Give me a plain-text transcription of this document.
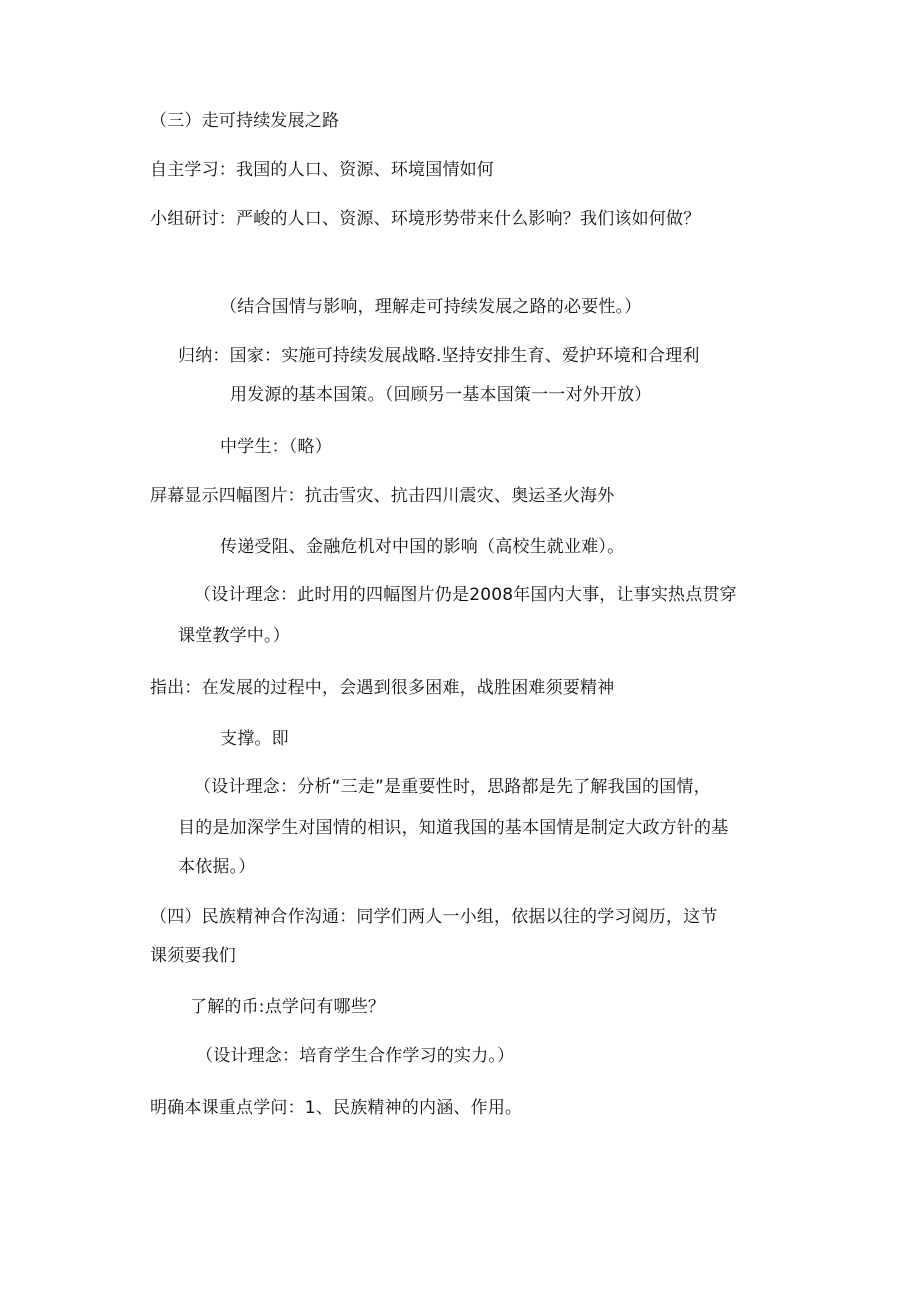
（三）走可持续发展之路
自主学习：我国的人口、资源、环境国情如何
小组研讨：严峻的人口、资源、环境形势带来什么影响？我们该如何做？
（结合国情与影响，理解走可持续发展之路的必要性。）
归纳：国家：实施可持续发展战略.坚持安排生育、爱护环境和合理利
用发源的基本国策。（回顾另一基本国策一一对外开放）
中学生：（略）
屏幕显示四幅图片：抗击雪灾、抗击四川震灾、奥运圣火海外
传递受阻、金融危机对中国的影响（高校生就业难）。
（设计理念：此时用的四幅图片仍是2008年国内大事，让事实热点贯穿
课堂教学中。）
指出：在发展的过程中，会遇到很多困难，战胜困难须要精神
支撑。即
（设计理念：分析“三走”是重要性时，思路都是先了解我国的国情，
目的是加深学生对国情的相识，知道我国的基本国情是制定大政方针的基
本依据。）
（四）民族精神合作沟通：同学们两人一小组，依据以往的学习阅历，这节
课须要我们
了解的币:点学问有哪些？
（设计理念：培育学生合作学习的实力。）
明确本课重点学问：1、民族精神的内涵、作用。
